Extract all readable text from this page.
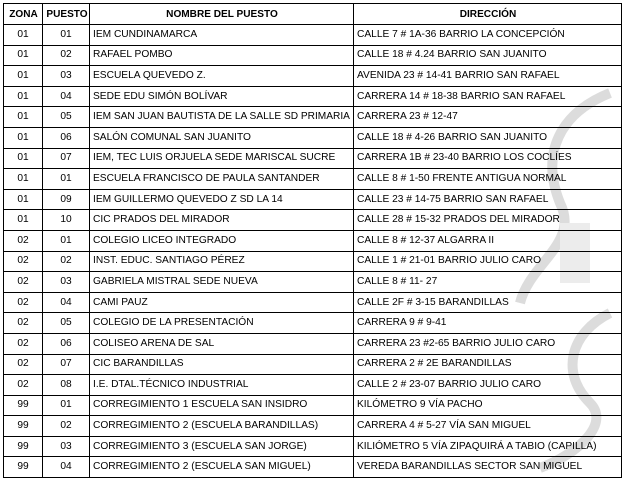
ZONA	PUESTO	NOMBRE DEL PUESTO	DIRECCIÓN
01	01	IEM CUNDINAMARCA	CALLE 7 # 1A-36 BARRIO LA CONCEPCIÓN
01	02	RAFAEL POMBO	CALLE 18 # 4.24 BARRIO SAN JUANITO
01	03	ESCUELA QUEVEDO Z.	AVENIDA 23 # 14-41 BARRIO SAN RAFAEL
01	04	SEDE EDU SIMÓN BOLÍVAR	CARRERA 14 # 18-38 BARRIO SAN RAFAEL
01	05	IEM SAN JUAN BAUTISTA DE LA SALLE SD PRIMARIA	CARRERA 23 # 12-47
01	06	SALÓN COMUNAL SAN JUANITO	CALLE 18 # 4-26 BARRIO SAN JUANITO
01	07	IEM, TEC LUIS ORJUELA SEDE MARISCAL SUCRE	CARRERA 1B # 23-40 BARRIO LOS COCLÍES
01	01	ESCUELA FRANCISCO DE PAULA SANTANDER	CALLE 8 # 1-50 FRENTE ANTIGUA NORMAL
01	09	IEM GUILLERMO QUEVEDO Z SD LA 14	CALLE 23 # 14-75 BARRIO SAN RAFAEL
01	10	CIC PRADOS DEL MIRADOR	CALLE 28 # 15-32 PRADOS DEL MIRADOR
02	01	COLEGIO LICEO INTEGRADO	CALLE 8 # 12-37 ALGARRA II
02	02	INST. EDUC. SANTIAGO PÉREZ	CALLE 1 # 21-01 BARRIO JULIO CARO
02	03	GABRIELA MISTRAL SEDE NUEVA	CALLE 8 # 11- 27
02	04	CAMI PAUZ	CALLE 2F # 3-15 BARANDILLAS
02	05	COLEGIO DE LA PRESENTACIÓN	CARRERA 9 # 9-41
02	06	COLISEO ARENA DE SAL	CARRERA 23 #2-65 BARRIO JULIO CARO
02	07	CIC BARANDILLAS	CARRERA 2 # 2E BARANDILLAS
02	08	I.E. DTAL.TÉCNICO INDUSTRIAL	CALLE 2 # 23-07 BARRIO JULIO CARO
99	01	CORREGIMIENTO 1 ESCUELA SAN INSIDRO	KILÓMETRO 9 VÍA PACHO
99	02	CORREGIMIENTO 2 (ESCUELA BARANDILLAS)	CARRERA 4 # 5-27 VÍA SAN MIGUEL
99	03	CORREGIMIENTO 3 (ESCUELA SAN JORGE)	KILIÓMETRO 5 VÍA ZIPAQUIRÁ A TABIO (CAPILLA)
99	04	CORREGIMIENTO 2 (ESCUELA SAN MIGUEL)	VEREDA BARANDILLAS SECTOR SAN MIGUEL
